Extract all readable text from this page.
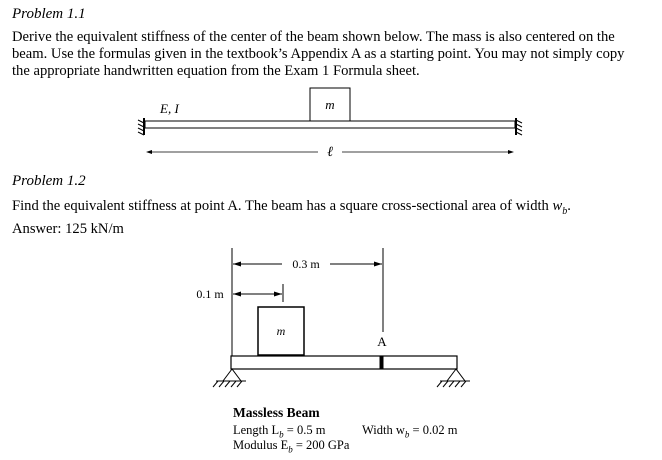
Problem 1.1
Derive the equivalent stiffness of the center of the beam shown below. The mass is also centered on the
beam. Use the formulas given in the textbook’s Appendix A as a starting point. You may not simply copy
the appropriate handwritten equation from the Exam 1 Formula sheet.
m
E, I
ℓ
Problem 1.2
Find the equivalent stiffness at point A. The beam has a square cross-sectional area of width $w_b$.
Answer: 125 kN/m
0.3 m
0.1 m
m
A
Massless Beam
Length $L_b = 0.5$ m	Width $w_b = 0.02$ m
Modulus $E_b = 200$ GPa
